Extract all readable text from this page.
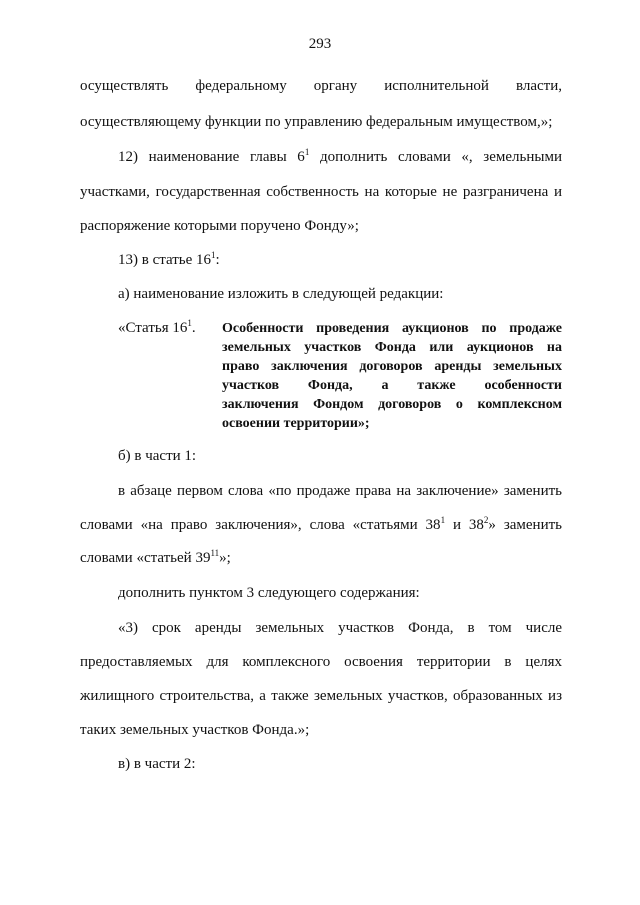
293
осуществлять федеральному органу исполнительной власти,
осуществляющему функции по управлению федеральным имуществом,»;
12) наименование главы $6^1$ дополнить словами «, земельными
участками, государственная собственность на которые не разграничена и
распоряжение которыми поручено Фонду»;
13) в статье $16^1$:
а) наименование изложить в следующей редакции:
«Статья $16^1$. Особенности проведения аукционов по продаже
земельных участков Фонда или аукционов на
право заключения договоров аренды земельных
участков Фонда, а также особенности
заключения Фондом договоров о комплексном
освоении территории»;
б) в части 1:
в абзаце первом слова «по продаже права на заключение» заменить
словами «на право заключения», слова «статьями $38^1$ и $38^2$» заменить
словами «статьей $39^{11}$»;
дополнить пунктом 3 следующего содержания:
«3) срок аренды земельных участков Фонда, в том числе
предоставляемых для комплексного освоения территории в целях
жилищного строительства, а также земельных участков, образованных из
таких земельных участков Фонда.»;
в) в части 2:
